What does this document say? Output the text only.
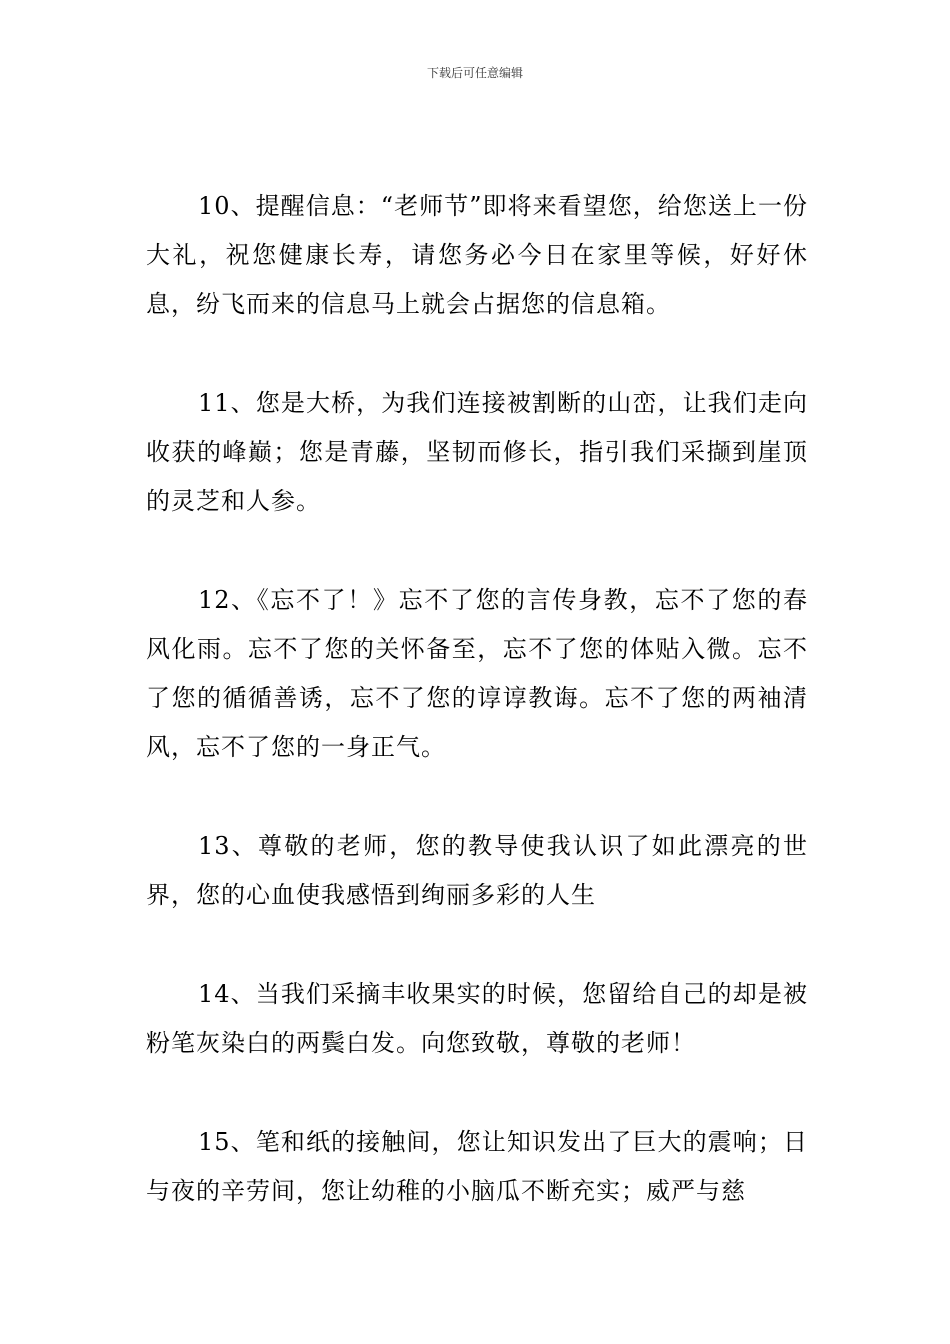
下载后可任意编辑

10、提醒信息：“老师节”即将来看望您，给您送上一份大礼，祝您健康长寿，请您务必今日在家里等候，好好休息，纷飞而来的信息马上就会占据您的信息箱。

11、您是大桥，为我们连接被割断的山峦，让我们走向收获的峰巅；您是青藤，坚韧而修长，指引我们采撷到崖顶的灵芝和人参。

12、《忘不了！》忘不了您的言传身教，忘不了您的春风化雨。忘不了您的关怀备至，忘不了您的体贴入微。忘不了您的循循善诱，忘不了您的谆谆教诲。忘不了您的两袖清风，忘不了您的一身正气。

13、尊敬的老师，您的教导使我认识了如此漂亮的世界，您的心血使我感悟到绚丽多彩的人生

14、当我们采摘丰收果实的时候，您留给自己的却是被粉笔灰染白的两鬓白发。向您致敬，尊敬的老师！

15、笔和纸的接触间，您让知识发出了巨大的震响；日与夜的辛劳间，您让幼稚的小脑瓜不断充实；威严与慈
